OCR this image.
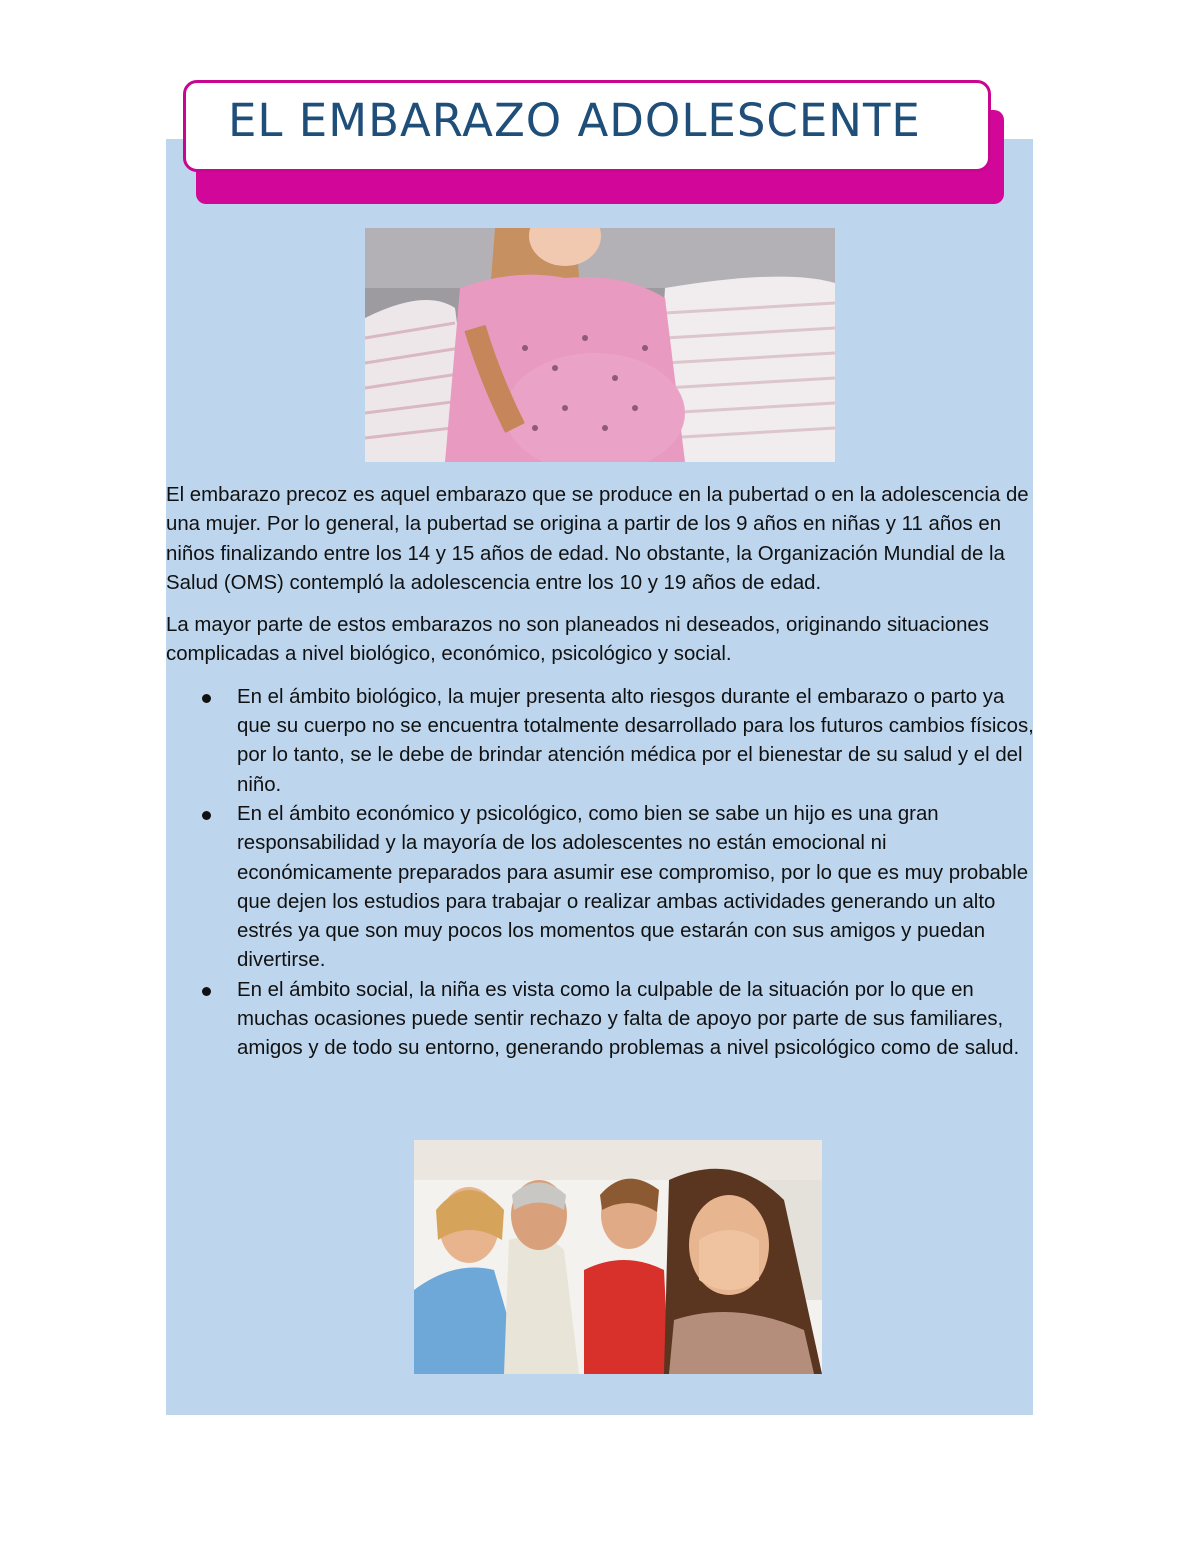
EL EMBARAZO ADOLESCENTE

El embarazo precoz es aquel embarazo que se produce en la pubertad o en la adolescencia de una mujer. Por lo general, la pubertad se origina a partir de los 9 años en niñas y 11 años en niños finalizando entre los 14 y 15 años de edad. No obstante, la Organización Mundial de la Salud (OMS) contempló la adolescencia entre los 10 y 19 años de edad.

La mayor parte de estos embarazos no son planeados ni deseados, originando situaciones complicadas a nivel biológico, económico, psicológico y social.

En el ámbito biológico, la mujer presenta alto riesgos durante el embarazo o parto ya que su cuerpo no se encuentra totalmente desarrollado para los futuros cambios físicos, por lo tanto, se le debe de brindar atención médica por el bienestar de su salud y el del niño.
En el ámbito económico y psicológico, como bien se sabe un hijo es una gran responsabilidad y la mayoría de los adolescentes no están emocional ni económicamente preparados para asumir ese compromiso, por lo que es muy probable que dejen los estudios para trabajar o realizar ambas actividades generando un alto estrés ya que son muy pocos los momentos que estarán con sus amigos y puedan divertirse.
En el ámbito social, la niña es vista como la culpable de la situación por lo que en muchas ocasiones puede sentir rechazo y falta de apoyo por parte de sus familiares, amigos y de todo su entorno, generando problemas a nivel psicológico como de salud.
